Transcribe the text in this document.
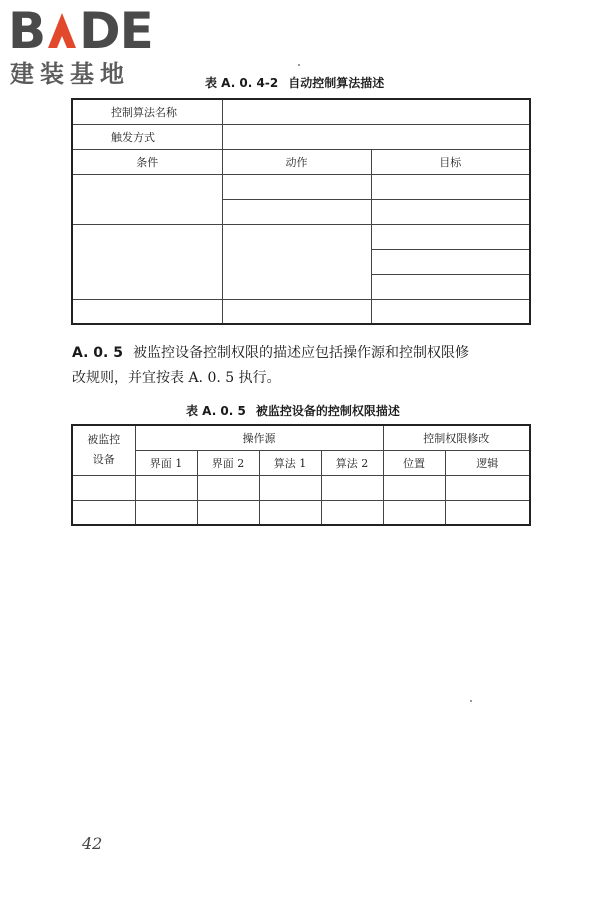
B DE
建装基地	表 A. 0. 4-2 自动控制算法描述
控制算法名称		
触发方式		
条件	动作	目标

A. 0. 5 被监控设备控制权限的描述应包括操作源和控制权限修
改规则，并宜按表 A. 0. 5 执行。
表 A. 0. 5 被监控设备的控制权限描述
被监控
设备	操作源				控制权限修改	
	界面 1	界面 2	算法 1	算法 2	位置	逻辑

42
